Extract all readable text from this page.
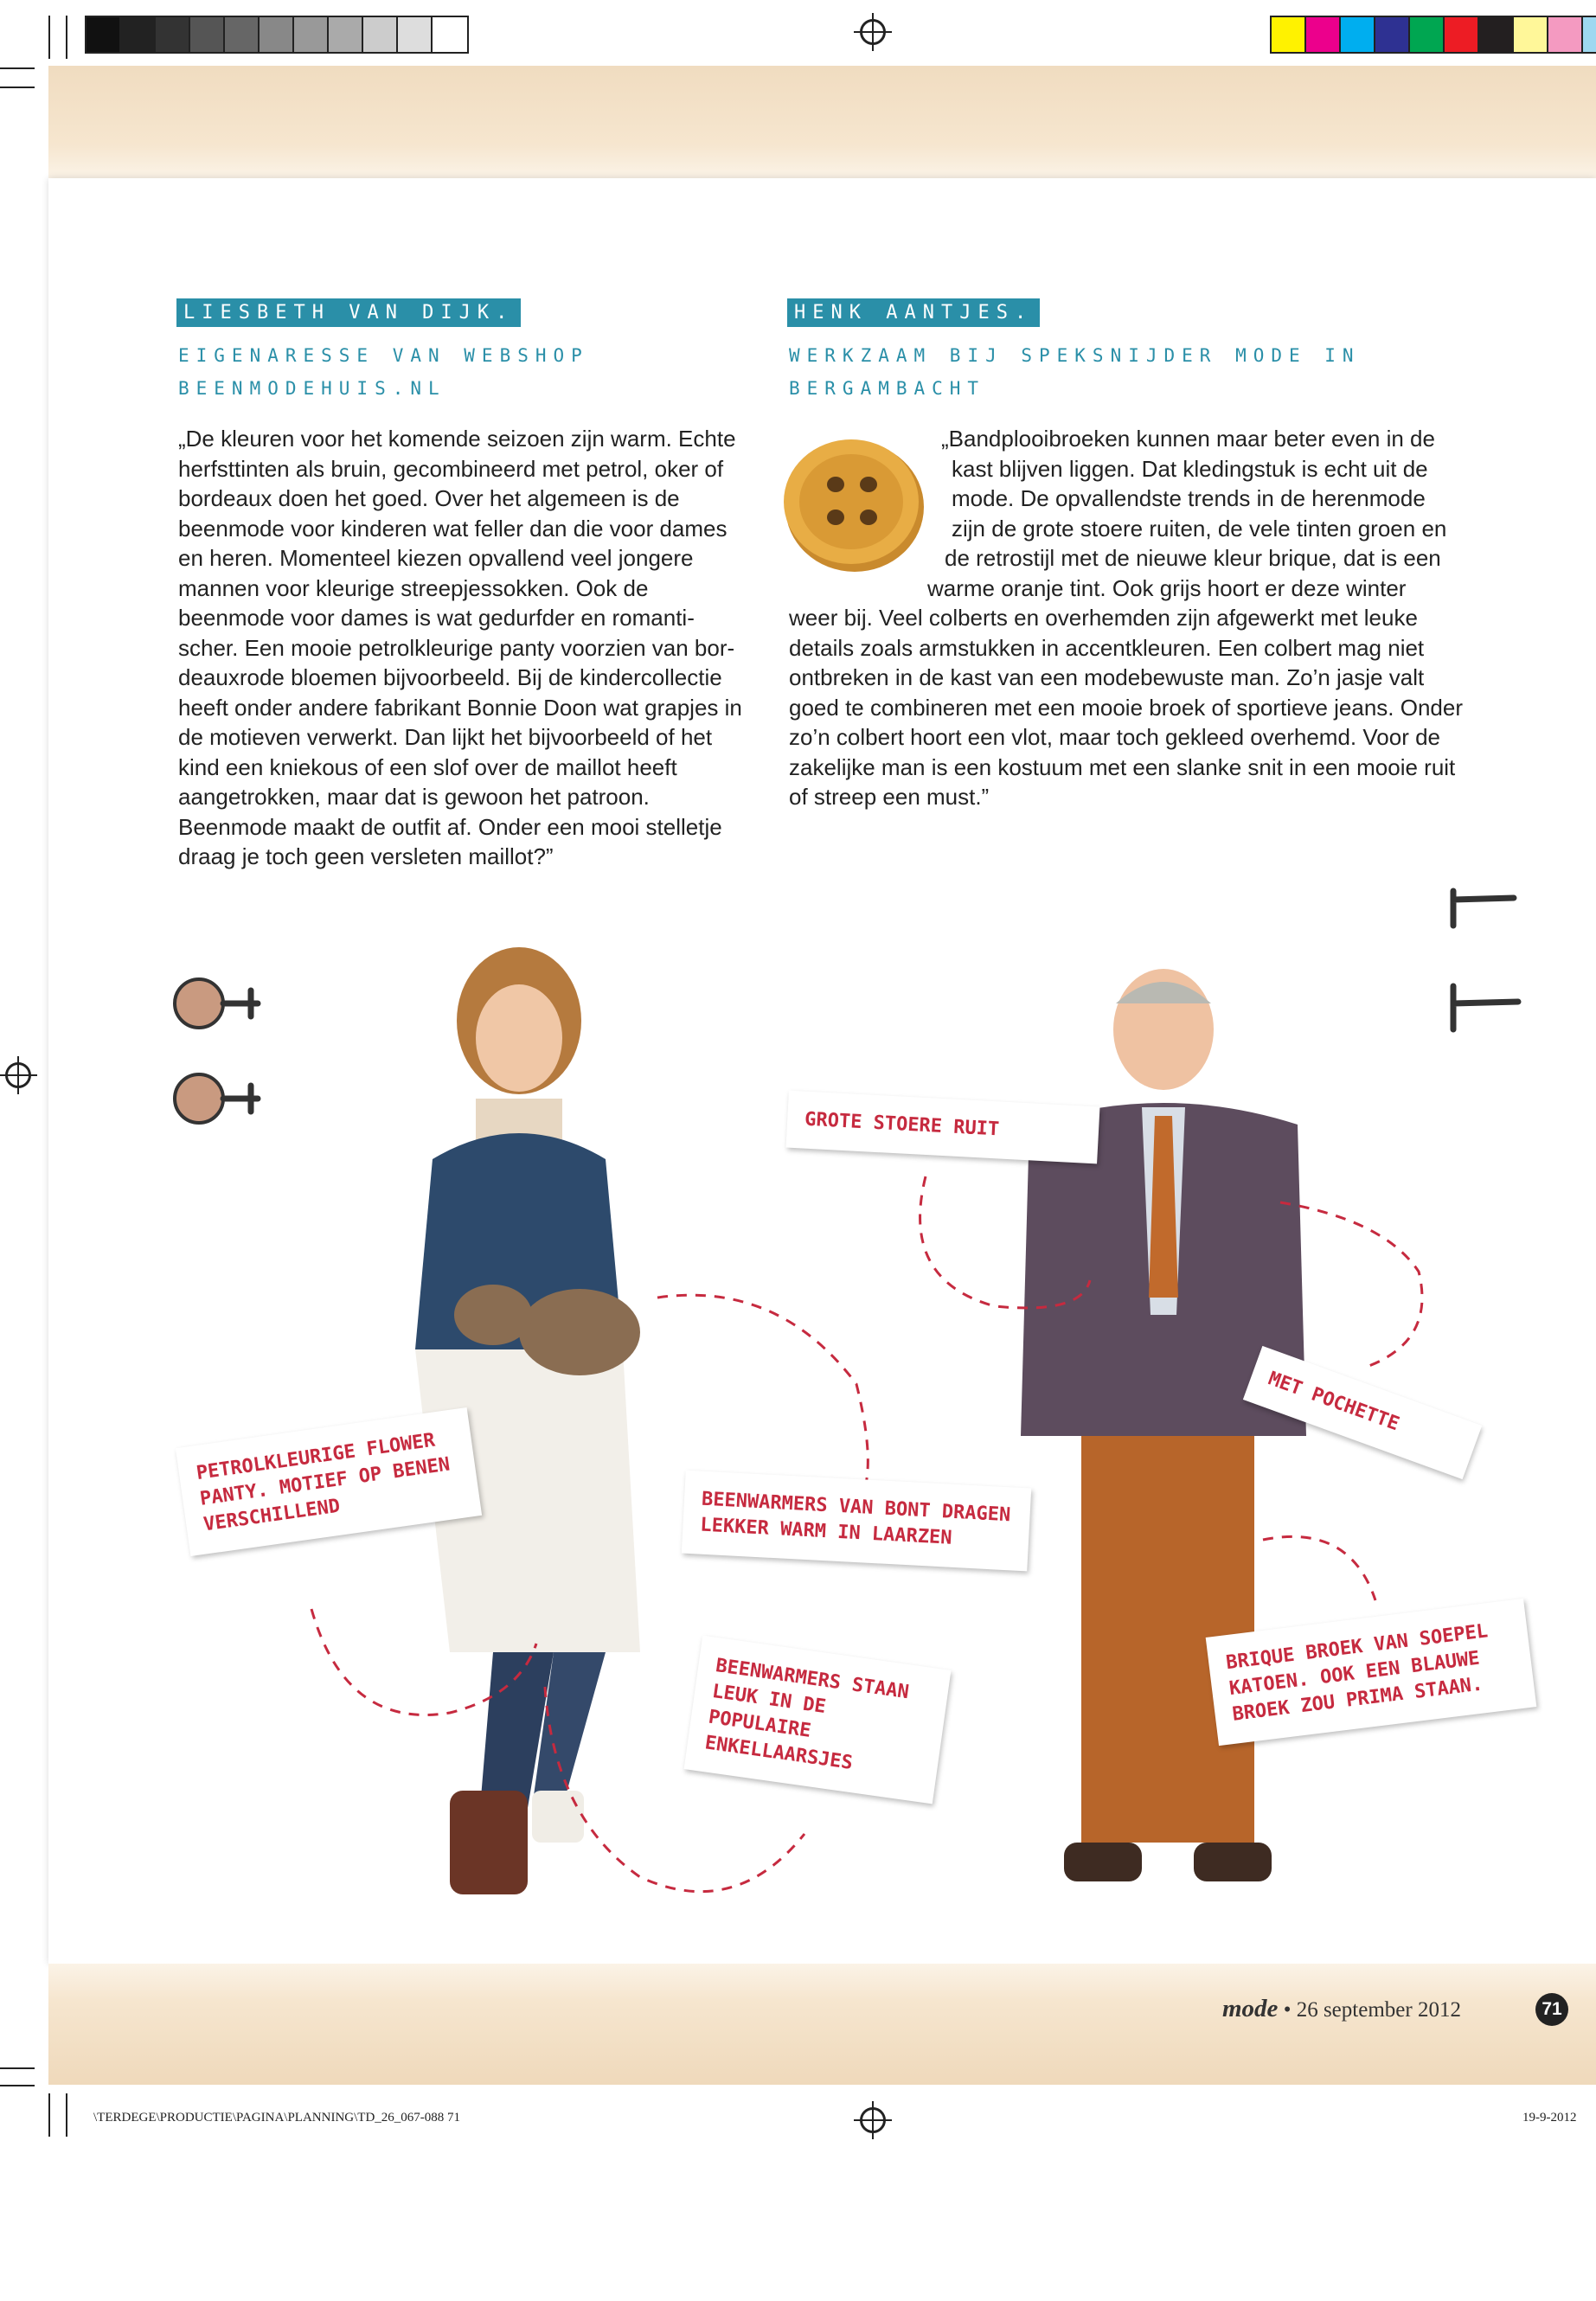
LIESBETH VAN DIJK.
EIGENARESSE VAN WEBSHOP
BEENMODEHUIS.NL

„De kleuren voor het komende seizoen zijn warm. Echte herfsttinten als bruin, gecombineerd met petrol, oker of bordeaux doen het goed. Over het algemeen is de beenmode voor kinderen wat feller dan die voor dames en heren. Momenteel kiezen opvallend veel jongere mannen voor kleurige streepjessokken. Ook de beenmode voor dames is wat gedurfder en romanti-scher. Een mooie petrolkleurige panty voorzien van bor-deauxrode bloemen bijvoorbeeld. Bij de kindercollectie heeft onder andere fabrikant Bonnie Doon wat grapjes in de motieven verwerkt. Dan lijkt het bijvoorbeeld of het kind een kniekous of een slof over de maillot heeft aangetrokken, maar dat is gewoon het patroon. Beenmode maakt de outfit af. Onder een mooi stelletje draag je toch geen versleten maillot?”

HENK AANTJES.
WERKZAAM BIJ SPEKSNIJDER MODE IN
BERGAMBACHT
„Bandplooibroeken kunnen maar beter even in de
kast blijven liggen. Dat kledingstuk is echt uit de
mode. De opvallendste trends in de herenmode
zijn de grote stoere ruiten, de vele tinten groen en
de retrostijl met de nieuwe kleur brique, dat is een
warme oranje tint. Ook grijs hoort er deze winter

weer bij. Veel colberts en overhemden zijn afgewerkt met leuke details zoals armstukken in accentkleuren. Een colbert mag niet ontbreken in de kast van een modebewuste man. Zo’n jasje valt goed te combineren met een mooie broek of sportieve jeans. Onder zo’n colbert hoort een vlot, maar toch gekleed overhemd. Voor de zakelijke man is een kostuum met een slanke snit in een mooie ruit of streep een must.”

PETROLKLEURIGE FLOWER PANTY. MOTIEF OP BENEN VERSCHILLEND	BEENWARMERS VAN BONT DRAGEN LEKKER WARM IN LAARZEN
BEENWARMERS STAAN LEUK IN DE POPULAIRE ENKELLAARSJES
GROTE STOERE RUIT
MET POCHETTE
BRIQUE BROEK VAN SOEPEL KATOEN. OOK EEN BLAUWE BROEK ZOU PRIMA STAAN.
mode • 26 september 2012	71
\TERDEGE\PRODUCTIE\PAGINA\PLANNING\TD_26_067-088 71	19-9-2012
